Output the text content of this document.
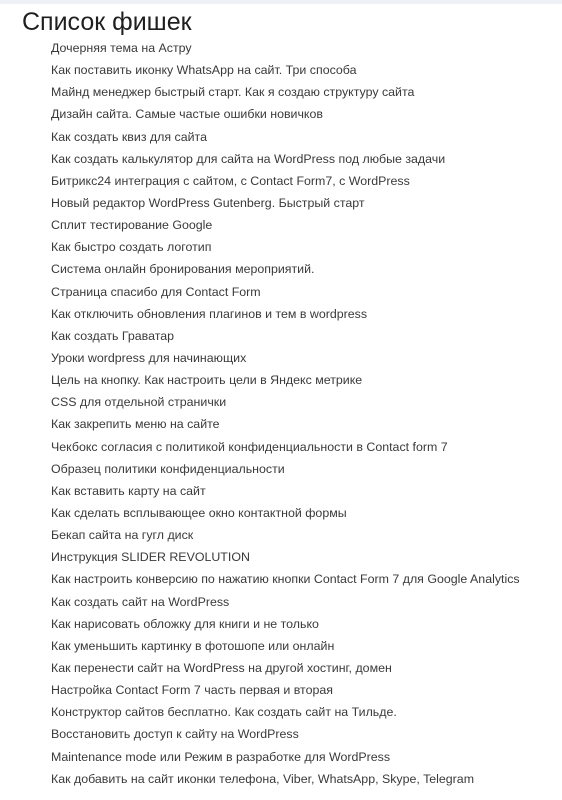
Список фишек
Дочерняя тема на Астру
Как поставить иконку WhatsApp на сайт. Три способа
Майнд менеджер быстрый старт. Как я создаю структуру сайта
Дизайн сайта. Самые частые ошибки новичков
Как создать квиз для сайта
Как создать калькулятор для сайта на WordPress под любые задачи
Битрикс24 интеграция с сайтом, с Contact Form7, с WordPress
Новый редактор WordPress Gutenberg. Быстрый старт
Сплит тестирование Google
Как быстро создать логотип
Система онлайн бронирования мероприятий.
Страница спасибо для Contact Form
Как отключить обновления плагинов и тем в wordpress
Как создать Граватар
Уроки wordpress для начинающих
Цель на кнопку. Как настроить цели в Яндекс метрике
CSS для отдельной странички
Как закрепить меню на сайте
Чекбокс согласия с политикой конфиденциальности в Contact form 7
Образец политики конфиденциальности
Как вставить карту на сайт
Как сделать всплывающее окно контактной формы
Бекап сайта на гугл диск
Инструкция SLIDER REVOLUTION
Как настроить конверсию по нажатию кнопки Contact Form 7 для Google Analytics
Как создать сайт на WordPress
Как нарисовать обложку для книги и не только
Как уменьшить картинку в фотошопе или онлайн
Как перенести сайт на WordPress на другой хостинг, домен
Настройка Contact Form 7 часть первая и вторая
Конструктор сайтов бесплатно. Как создать сайт на Тильде.
Восстановить доступ к сайту на WordPress
Maintenance mode или Режим в разработке для WordPress
Как добавить на сайт иконки телефона, Viber, WhatsApp, Skype, Telegram
